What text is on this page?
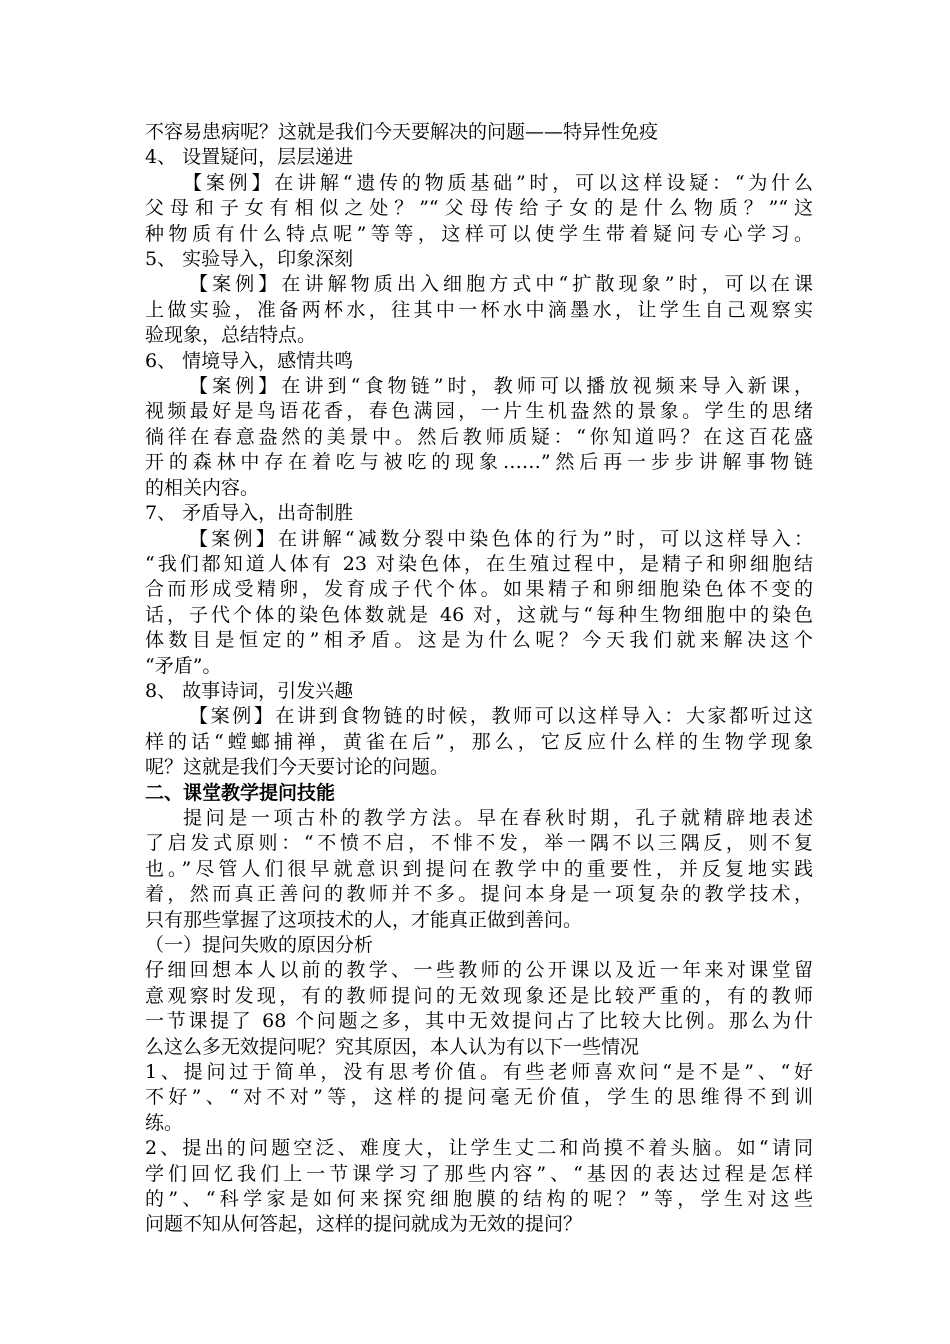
不容易患病呢？这就是我们今天要解决的问题——特异性免疫
4、 设置疑问，层层递进
【案例】在讲解“遗传的物质基础”时，可以这样设疑：“为什么
父母和子女有相似之处？”“父母传给子女的是什么物质？”“这
种物质有什么特点呢”等等，这样可以使学生带着疑问专心学习。
5、 实验导入，印象深刻
【案例】在讲解物质出入细胞方式中“扩散现象”时，可以在课
上做实验，准备两杯水，往其中一杯水中滴墨水，让学生自己观察实
验现象，总结特点。
6、 情境导入，感情共鸣
【案例】在讲到“食物链”时，教师可以播放视频来导入新课，
视频最好是鸟语花香，春色满园，一片生机盎然的景象。学生的思绪
徜徉在春意盎然的美景中。然后教师质疑：“你知道吗？在这百花盛
开的森林中存在着吃与被吃的现象……”然后再一步步讲解事物链
的相关内容。
7、 矛盾导入，出奇制胜
【案例】在讲解“减数分裂中染色体的行为”时，可以这样导入：
“我们都知道人体有 23 对染色体，在生殖过程中，是精子和卵细胞结
合而形成受精卵，发育成子代个体。如果精子和卵细胞染色体不变的
话，子代个体的染色体数就是 46 对，这就与“每种生物细胞中的染色
体数目是恒定的”相矛盾。这是为什么呢？今天我们就来解决这个
“矛盾”。
8、 故事诗词，引发兴趣
【案例】在讲到食物链的时候，教师可以这样导入：大家都听过这
样的话“螳螂捕禅，黄雀在后”，那么，它反应什么样的生物学现象
呢？这就是我们今天要讨论的问题。
二、课堂教学提问技能
提问是一项古朴的教学方法。早在春秋时期，孔子就精辟地表述
了启发式原则：“不愤不启，不悱不发，举一隅不以三隅反，则不复
也。”尽管人们很早就意识到提问在教学中的重要性，并反复地实践
着，然而真正善问的教师并不多。提问本身是一项复杂的教学技术，
只有那些掌握了这项技术的人，才能真正做到善问。
（一）提问失败的原因分析
仔细回想本人以前的教学、一些教师的公开课以及近一年来对课堂留
意观察时发现，有的教师提问的无效现象还是比较严重的，有的教师
一节课提了 68 个问题之多，其中无效提问占了比较大比例。那么为什
么这么多无效提问呢？究其原因，本人认为有以下一些情况
1、提问过于简单，没有思考价值。有些老师喜欢问“是不是”、“好
不好”、“对不对”等，这样的提问毫无价值，学生的思维得不到训
练。
2、提出的问题空泛、难度大，让学生丈二和尚摸不着头脑。如“请同
学们回忆我们上一节课学习了那些内容”、“基因的表达过程是怎样
的”、“科学家是如何来探究细胞膜的结构的呢？”等，学生对这些
问题不知从何答起，这样的提问就成为无效的提问？
